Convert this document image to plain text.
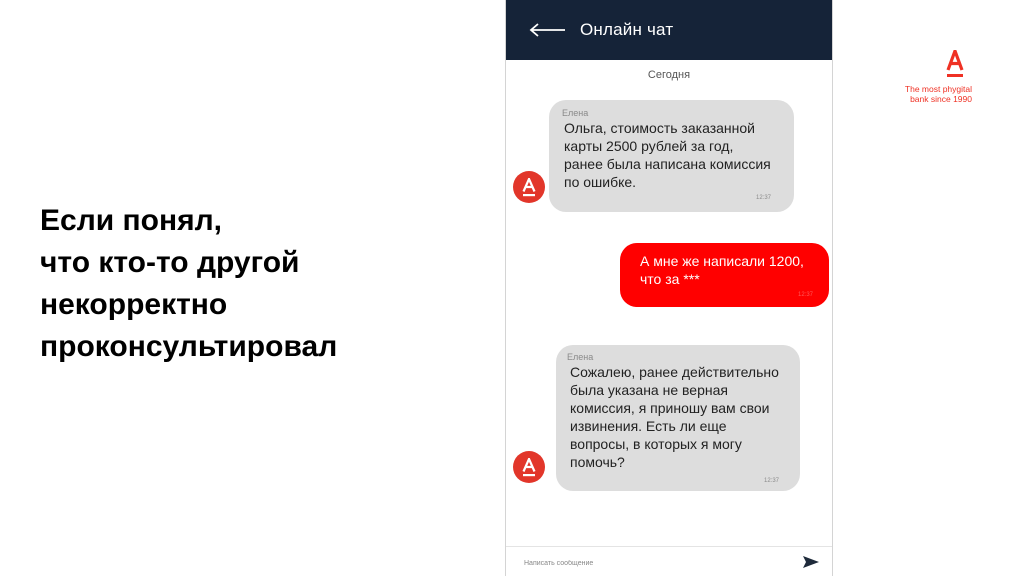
Если понял,
что кто-то другой
некорректно
проконсультировал
The most phygital
bank since 1990
Онлайн чат
Сегодня
Елена
Ольга, стоимость заказанной
карты 2500 рублей за год,
ранее была написана комиссия
по ошибке.
12:37
А мне же написали 1200,
что за ***
12:37
Елена
Сожалею, ранее действительно
была указана не верная
комиссия, я приношу вам свои
извинения. Есть ли еще
вопросы, в которых я могу
помочь?
12:37
Написать сообщение
